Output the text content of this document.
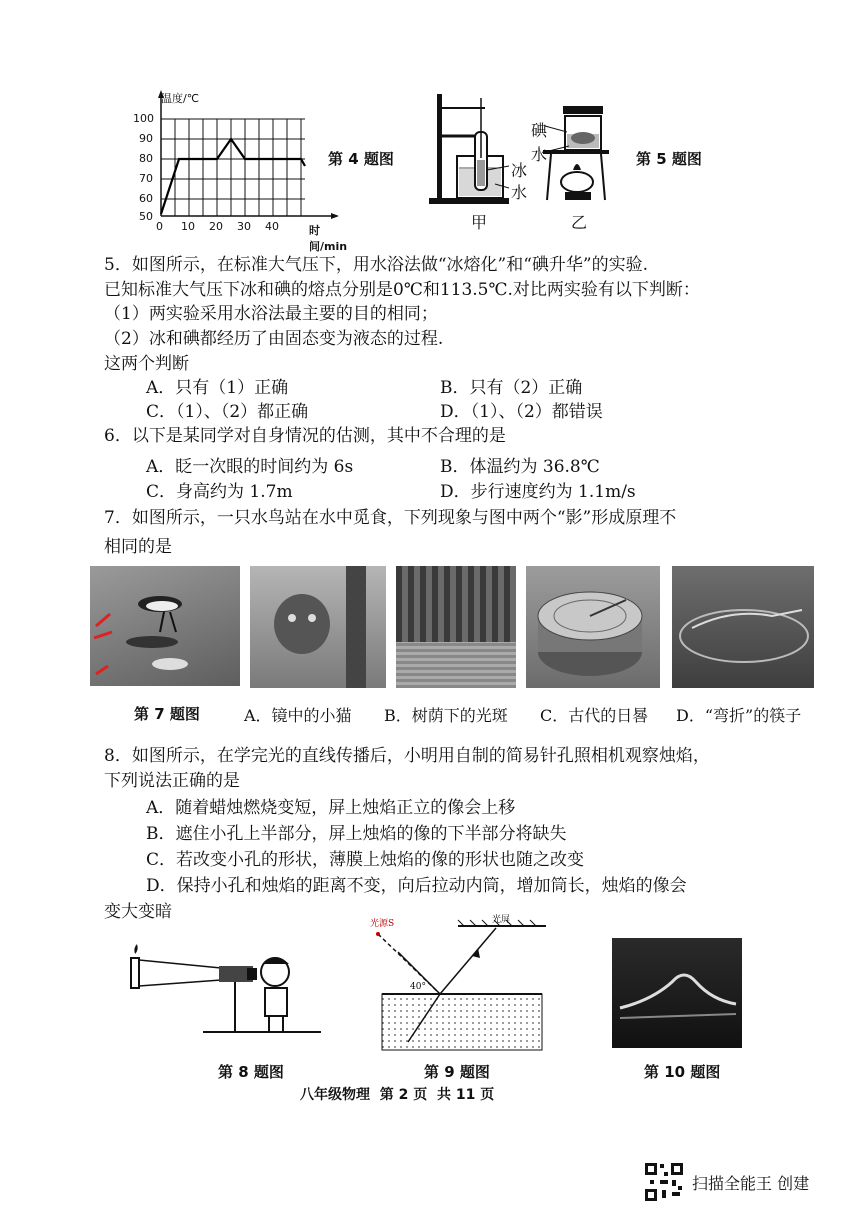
温度/℃
100
90
80
70
60
50
0 10 20 30 40	时间/min
第 4 题图
冰
水
碘
水
甲	乙
第 5 题图
5．如图所示，在标准大气压下，用水浴法做“冰熔化”和“碘升华”的实验.
已知标准大气压下冰和碘的熔点分别是0℃和113.5℃.对比两实验有以下判断：
（1）两实验采用水浴法最主要的目的相同；
（2）冰和碘都经历了由固态变为液态的过程.
这两个判断
A．只有（1）正确	B．只有（2）正确
C．（1）、（2）都正确	D．（1）、（2）都错误
6．以下是某同学对自身情况的估测，其中不合理的是
A．眨一次眼的时间约为 6s	B．体温约为 36.8℃
C．身高约为 1.7m	D．步行速度约为 1.1m/s
7．如图所示，一只水鸟站在水中觅食，下列现象与图中两个“影”形成原理不
相同的是
第 7 题图	A．镜中的小猫 B．树荫下的光斑 C．古代的日晷 D．“弯折”的筷子
8．如图所示，在学完光的直线传播后，小明用自制的简易针孔照相机观察烛焰，
下列说法正确的是
A．随着蜡烛燃烧变短，屏上烛焰正立的像会上移
B．遮住小孔上半部分，屏上烛焰的像的下半部分将缺失
C．若改变小孔的形状，薄膜上烛焰的像的形状也随之改变
D．保持小孔和烛焰的距离不变，向后拉动内筒，增加筒长，烛焰的像会
变大变暗
第 8 题图
光源S	光屏
40°
第 9 题图	第 10 题图
八年级物理  第 2 页  共 11 页
扫描全能王 创建
